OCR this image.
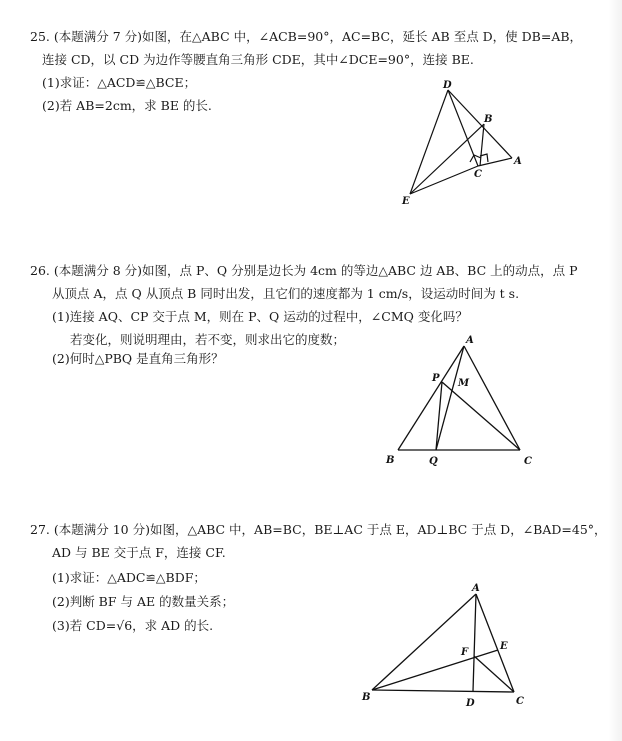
25. (本题满分 7 分)如图，在△ABC 中，∠ACB=90°，AC=BC，延长 AB 至点 D，使 DB=AB，
连接 CD，以 CD 为边作等腰直角三角形 CDE，其中∠DCE=90°，连接 BE.
(1)求证：△ACD≌△BCE；
(2)若 AB=2cm，求 BE 的长.
D
B
C
A
E
26. (本题满分 8 分)如图，点 P、Q 分别是边长为 4cm 的等边△ABC 边 AB、BC 上的动点，点 P
从顶点 A，点 Q 从顶点 B 同时出发，且它们的速度都为 1 cm/s，设运动时间为 t s.
(1)连接 AQ、CP 交于点 M，则在 P、Q 运动的过程中，∠CMQ 变化吗？
若变化，则说明理由，若不变，则求出它的度数；
(2)何时△PBQ 是直角三角形？
A
P M
B	Q	C
27. (本题满分 10 分)如图，△ABC 中，AB=BC，BE⊥AC 于点 E，AD⊥BC 于点 D，∠BAD=45°，
AD 与 BE 交于点 F，连接 CF.
(1)求证：△ADC≌△BDF；
(2)判断 BF 与 AE 的数量关系；
(3)若 CD=√6，求 AD 的长.
A
E
F
B
D	C
